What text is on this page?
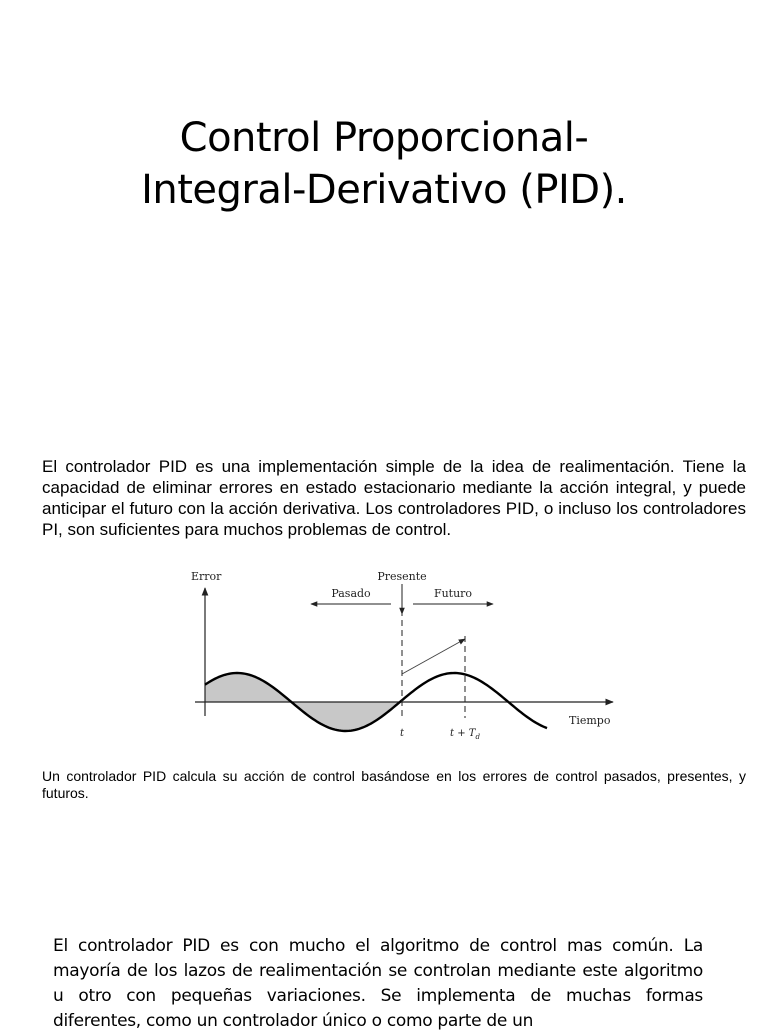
Control Proporcional-
Integral-Derivativo (PID).

El controlador PID es una implementación simple de la idea de realimentación. Tiene la capacidad de eliminar errores en estado estacionario mediante la acción integral, y puede anticipar el futuro con la acción derivativa. Los controladores PID, o incluso los controladores PI, son suficientes para muchos problemas de control.

Error	Presente
Pasado	Futuro
Tiempo
t	$t + T_d$

Un controlador PID calcula su acción de control basándose en los errores de control pasados, presentes, y futuros.

El controlador PID es con mucho el algoritmo de control mas común. La mayoría de los lazos de realimentación se controlan mediante este algoritmo u otro con pequeñas variaciones. Se implementa de muchas formas diferentes, como un controlador único o como parte de un
